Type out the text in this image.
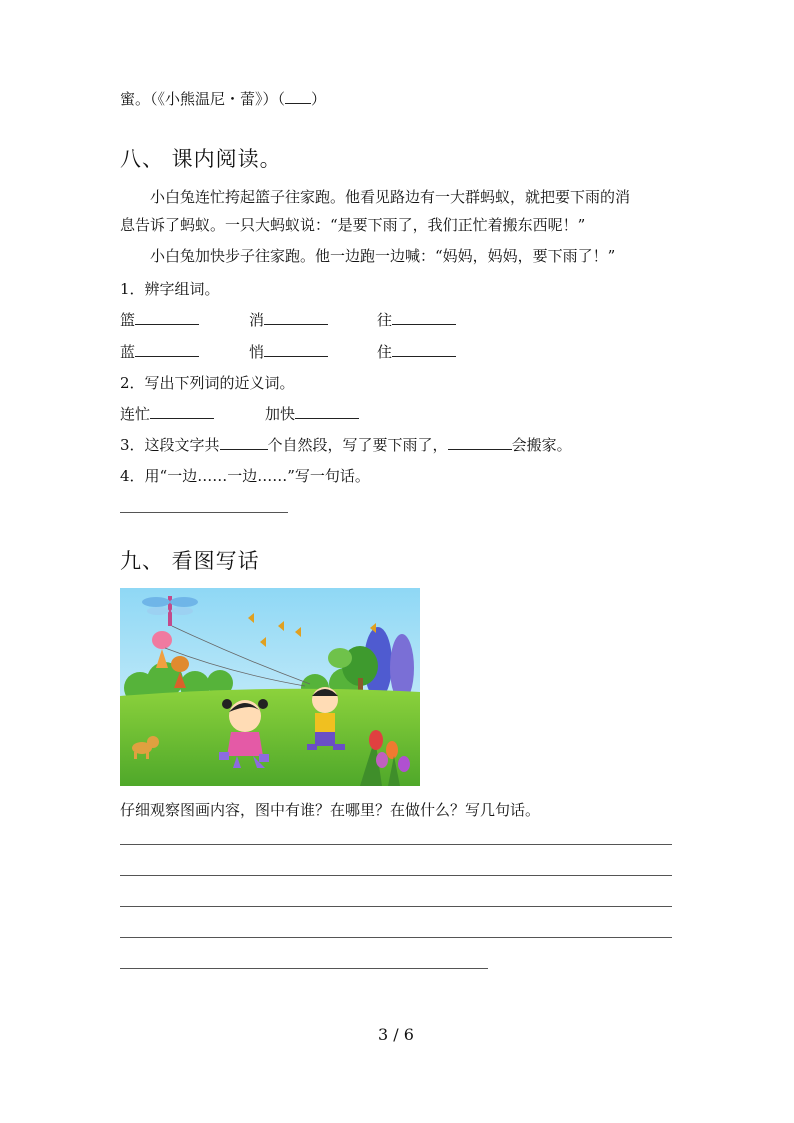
蜜。（《小熊温尼・蕾》）（ ）
八、 课内阅读。
小白兔连忙挎起篮子往家跑。他看见路边有一大群蚂蚁，就把要下雨的消
息告诉了蚂蚁。一只大蚂蚁说：“是要下雨了，我们正忙着搬东西呢！”
小白兔加快步子往家跑。他一边跑一边喊：“妈妈，妈妈，要下雨了！”
1．辨字组词。
篮	消	往
蓝	悄	住
2．写出下列词的近义词。
连忙	加快
3．这段文字共	个自然段，写了要下雨了，	会搬家。
4．用“一边……一边……”写一句话。
九、 看图写话
仔细观察图画内容，图中有谁？在哪里？在做什么？写几句话。
3 / 6
